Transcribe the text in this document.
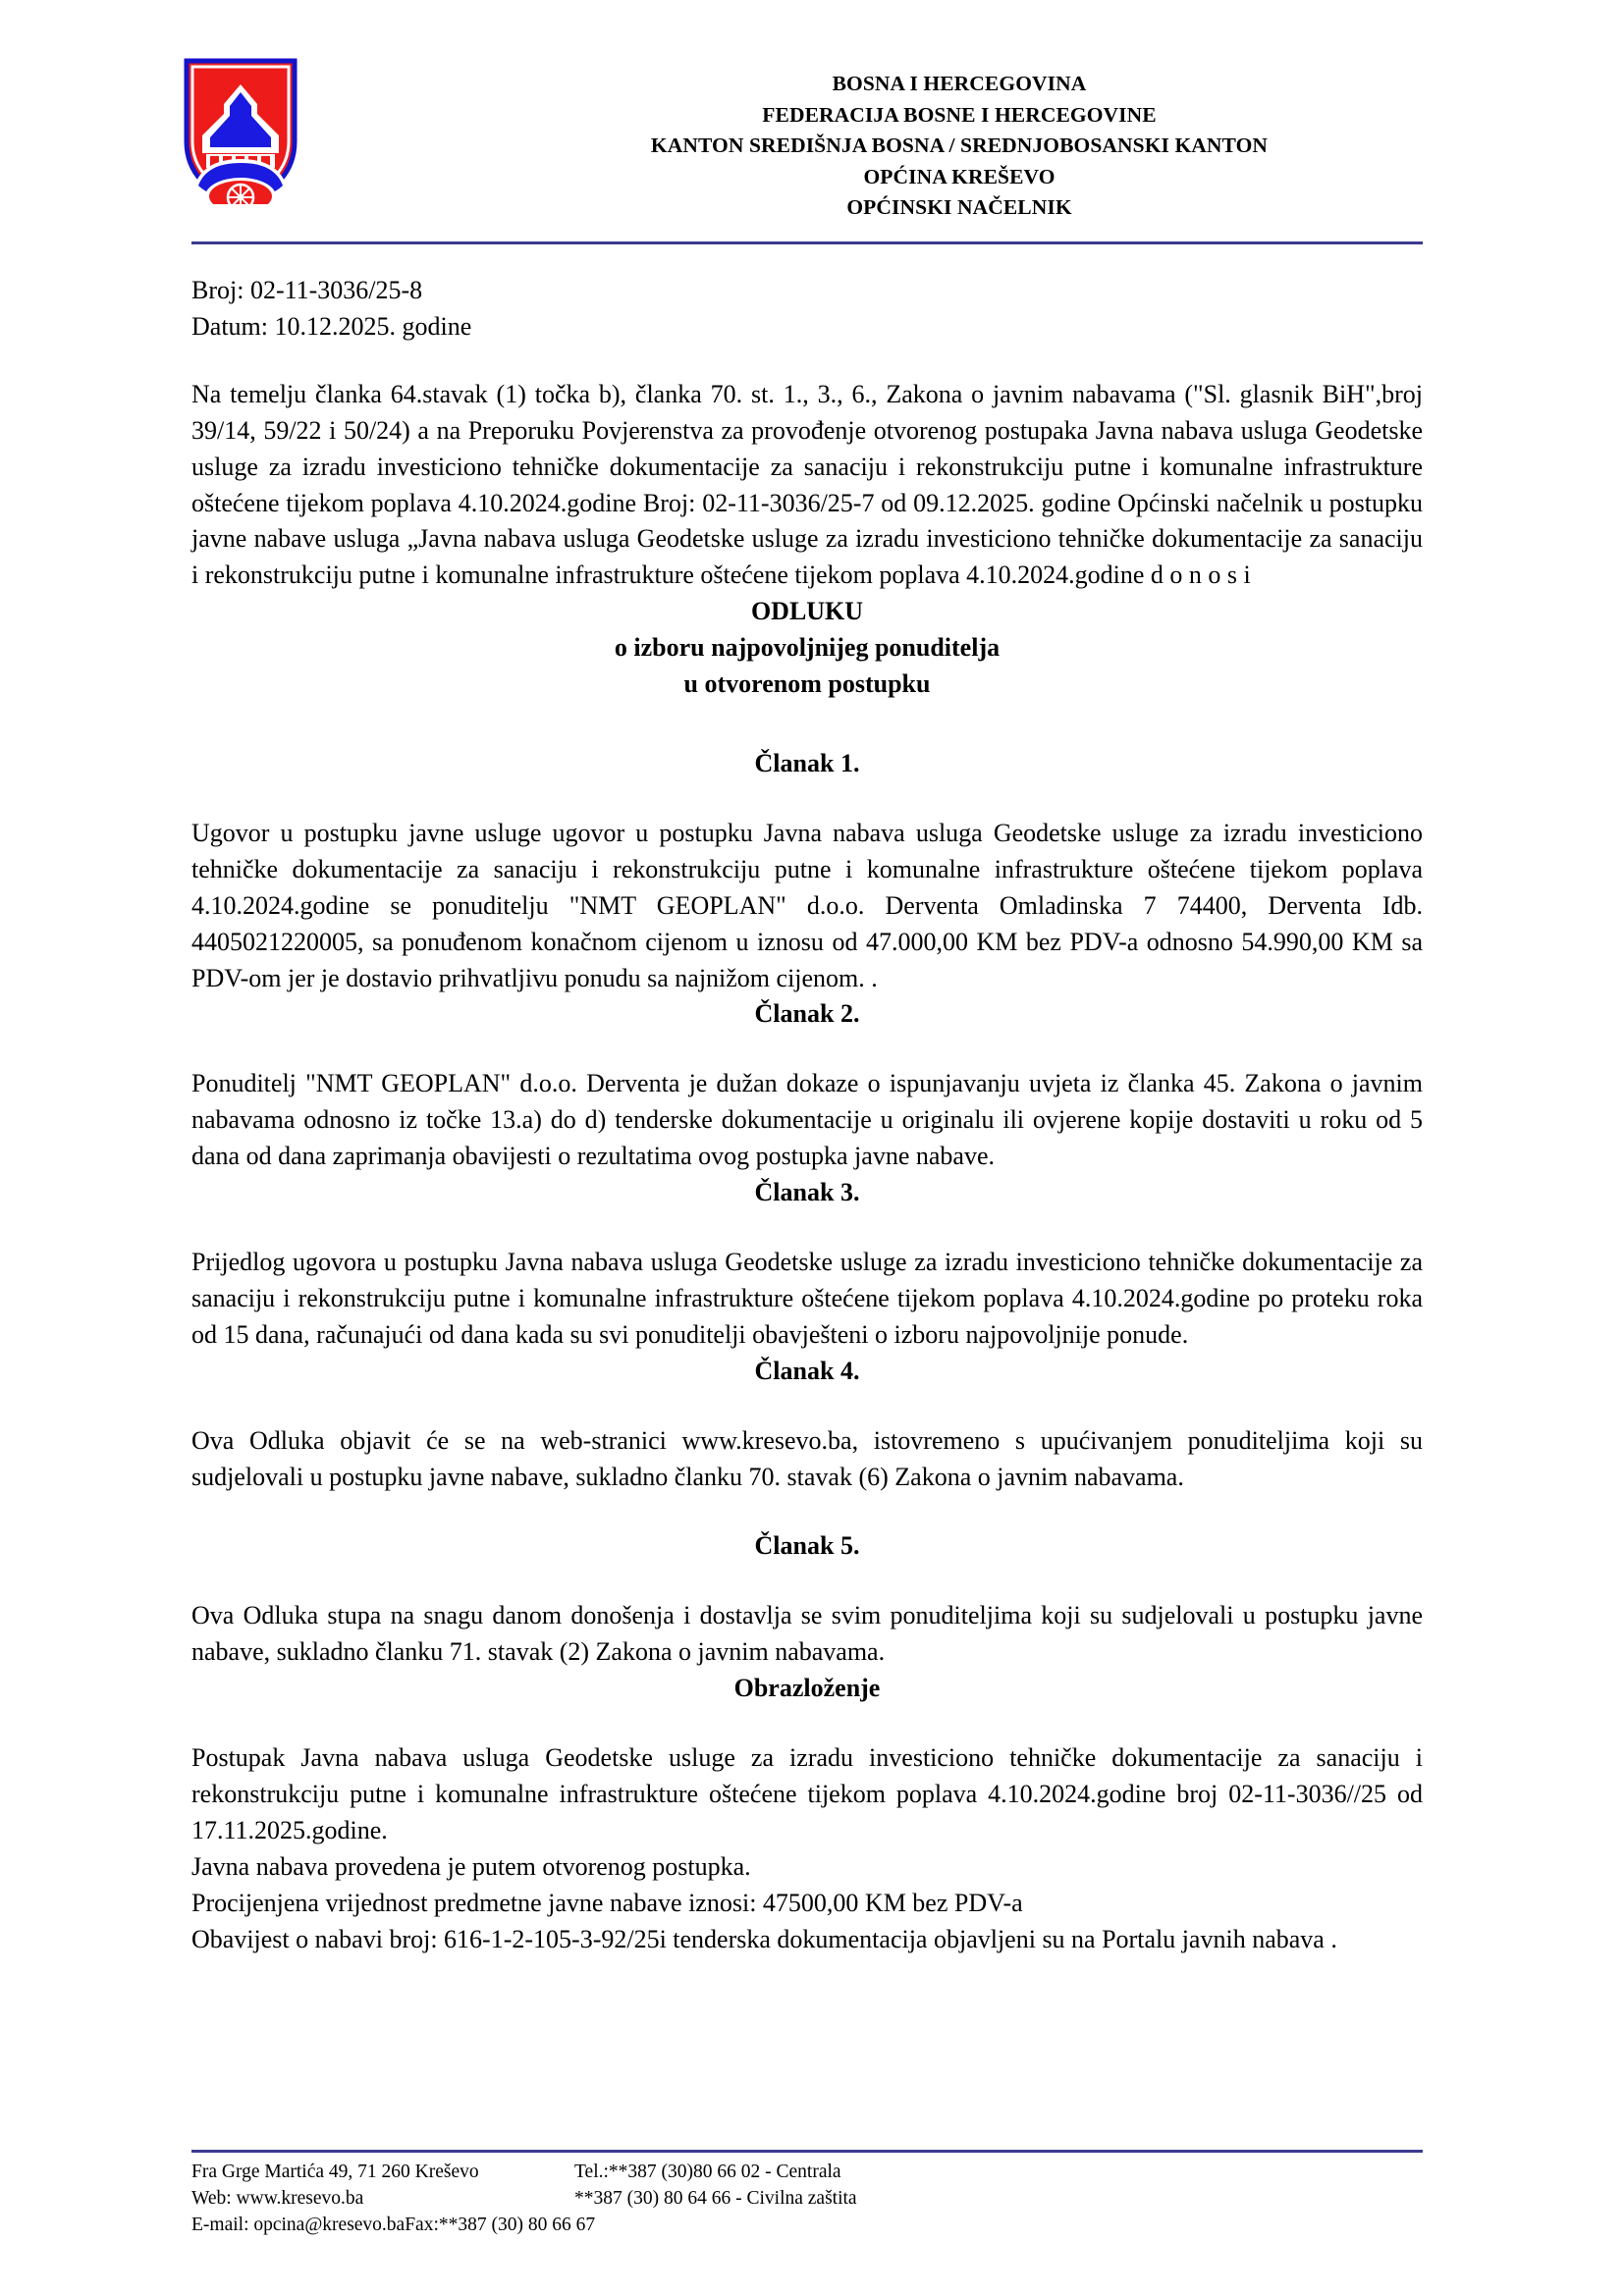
BOSNA I HERCEGOVINA
FEDERACIJA BOSNE I HERCEGOVINE
KANTON SREDIŠNJA BOSNA / SREDNJOBOSANSKI KANTON
OPĆINA KREŠEVO
OPĆINSKI NAČELNIK
Broj: 02-11-3036/25-8
Datum: 10.12.2025. godine

Na temelju članka 64.stavak (1) točka b), članka 70. st. 1., 3., 6., Zakona o javnim nabavama ("Sl. glasnik BiH",broj 39/14, 59/22 i 50/24) a na Preporuku Povjerenstva za provođenje otvorenog postupaka Javna nabava usluga Geodetske usluge za izradu investiciono tehničke dokumentacije za sanaciju i rekonstrukciju putne i komunalne infrastrukture oštećene tijekom poplava 4.10.2024.godine Broj: 02-11-3036/25-7 od 09.12.2025. godine Općinski načelnik u postupku javne nabave usluga „Javna nabava usluga Geodetske usluge za izradu investiciono tehničke dokumentacije za sanaciju i rekonstrukciju putne i komunalne infrastrukture oštećene tijekom poplava 4.10.2024.godine d o n o s i

ODLUKU

o izboru najpovoljnijeg ponuditelja

u otvorenom postupku

Članak 1.

Ugovor u postupku javne usluge ugovor u postupku Javna nabava usluga Geodetske usluge za izradu investiciono tehničke dokumentacije za sanaciju i rekonstrukciju putne i komunalne infrastrukture oštećene tijekom poplava 4.10.2024.godine se ponuditelju "NMT GEOPLAN" d.o.o. Derventa Omladinska 7 74400, Derventa Idb. 4405021220005, sa ponuđenom konačnom cijenom u iznosu od 47.000,00 KM bez PDV-a odnosno 54.990,00 KM sa PDV-om jer je dostavio prihvatljivu ponudu sa najnižom cijenom. .

Članak 2.

Ponuditelj "NMT GEOPLAN" d.o.o. Derventa je dužan dokaze o ispunjavanju uvjeta iz članka 45. Zakona o javnim nabavama odnosno iz točke 13.a) do d) tenderske dokumentacije u originalu ili ovjerene kopije dostaviti u roku od 5 dana od dana zaprimanja obavijesti o rezultatima ovog postupka javne nabave.

Članak 3.

Prijedlog ugovora u postupku Javna nabava usluga Geodetske usluge za izradu investiciono tehničke dokumentacije za sanaciju i rekonstrukciju putne i komunalne infrastrukture oštećene tijekom poplava 4.10.2024.godine po proteku roka od 15 dana, računajući od dana kada su svi ponuditelji obavješteni o izboru najpovoljnije ponude.

Članak 4.

Ova Odluka objavit će se na web-stranici www.kresevo.ba, istovremeno s upućivanjem ponuditeljima koji su sudjelovali u postupku javne nabave, sukladno članku 70. stavak (6) Zakona o javnim nabavama.

Članak 5.

Ova Odluka stupa na snagu danom donošenja i dostavlja se svim ponuditeljima koji su sudjelovali u postupku javne nabave, sukladno članku 71. stavak (2) Zakona o javnim nabavama.

Obrazloženje

Postupak Javna nabava usluga Geodetske usluge za izradu investiciono tehničke dokumentacije za sanaciju i rekonstrukciju putne i komunalne infrastrukture oštećene tijekom poplava 4.10.2024.godine broj 02-11-3036//25 od 17.11.2025.godine.

Javna nabava provedena je putem otvorenog postupka.

Procijenjena vrijednost predmetne javne nabave iznosi: 47500,00 KM bez PDV-a

Obavijest o nabavi broj: 616-1-2-105-3-92/25i tenderska dokumentacija objavljeni su na Portalu javnih nabava .

Fra Grge Martića 49, 71 260 Kreševo	Tel.:**387 (30)80 66 02 - Centrala
Web: www.kresevo.ba	**387 (30) 80 64 66 - Civilna zaštita
E-mail: opcina@kresevo.baFax:**387 (30) 80 66 67
